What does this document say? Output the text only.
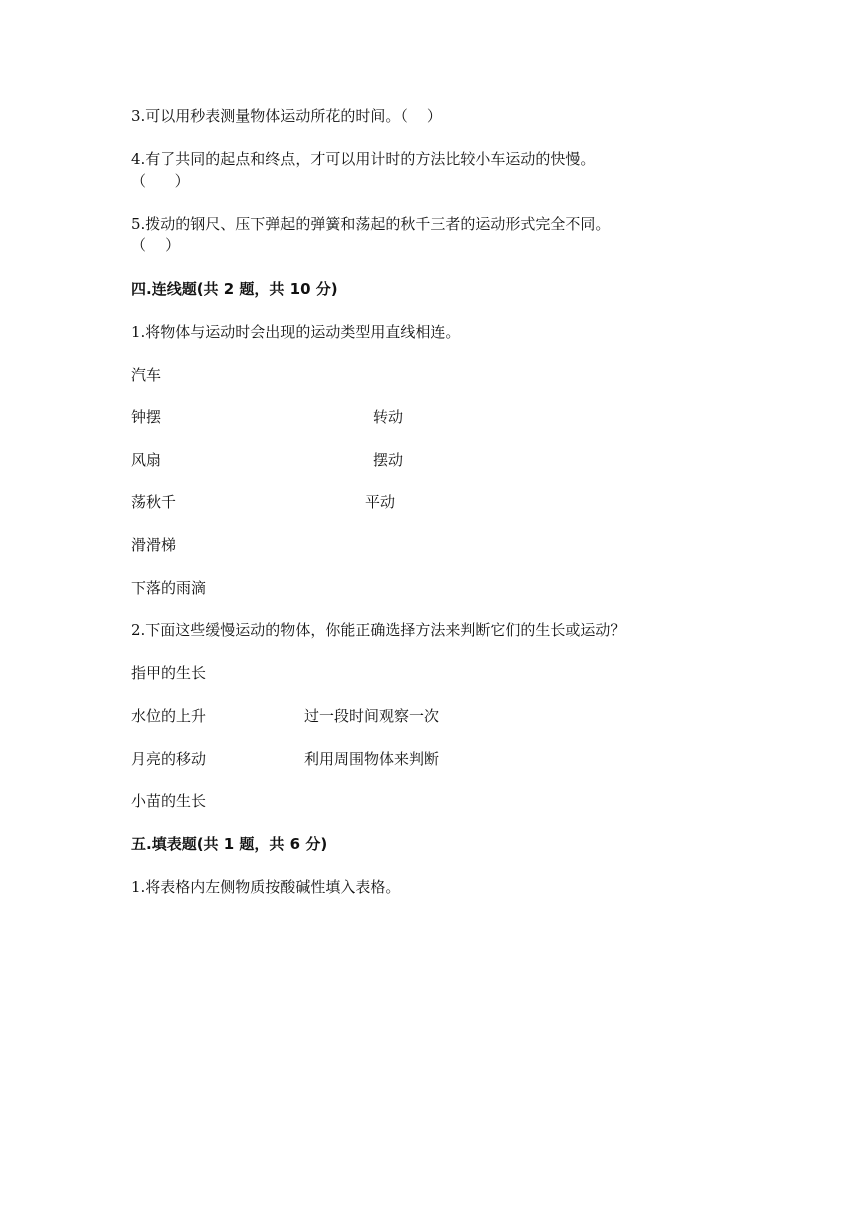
3.可以用秒表测量物体运动所花的时间。（    ）
4.有了共同的起点和终点，才可以用计时的方法比较小车运动的快慢。
（      ）
5.拨动的钢尺、压下弹起的弹簧和荡起的秋千三者的运动形式完全不同。
（    ）
四.连线题(共 2 题，共 10 分)
1.将物体与运动时会出现的运动类型用直线相连。
汽车
钟摆
风扇
荡秋千
滑滑梯
下落的雨滴
转动
摆动
平动
2.下面这些缓慢运动的物体，你能正确选择方法来判断它们的生长或运动？
指甲的生长
水位的上升
月亮的移动
小苗的生长
过一段时间观察一次
利用周围物体来判断
五.填表题(共 1 题，共 6 分)
1.将表格内左侧物质按酸碱性填入表格。
